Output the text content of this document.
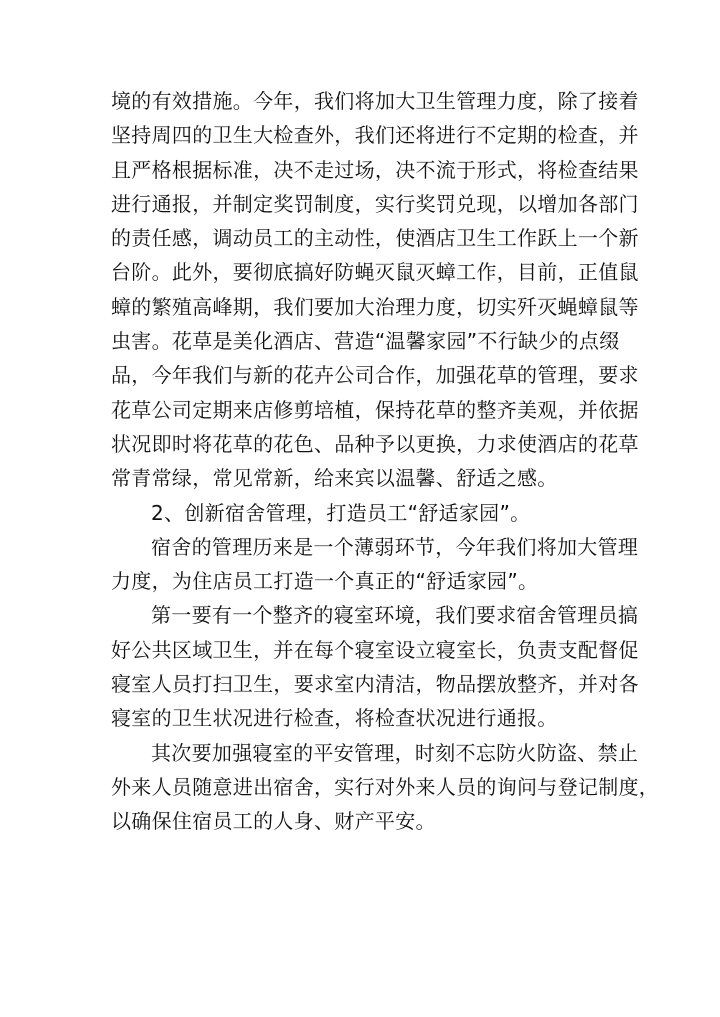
境的有效措施。今年，我们将加大卫生管理力度，除了接着
坚持周四的卫生大检查外，我们还将进行不定期的检查，并
且严格根据标准，决不走过场，决不流于形式，将检查结果
进行通报，并制定奖罚制度，实行奖罚兑现，以增加各部门
的责任感，调动员工的主动性，使酒店卫生工作跃上一个新
台阶。此外，要彻底搞好防蝇灭鼠灭蟑工作，目前，正值鼠
蟑的繁殖高峰期，我们要加大治理力度，切实歼灭蝇蟑鼠等
虫害。花草是美化酒店、营造“温馨家园”不行缺少的点缀
品，今年我们与新的花卉公司合作，加强花草的管理，要求
花草公司定期来店修剪培植，保持花草的整齐美观，并依据
状况即时将花草的花色、品种予以更换，力求使酒店的花草
常青常绿，常见常新，给来宾以温馨、舒适之感。
2、创新宿舍管理，打造员工“舒适家园”。
宿舍的管理历来是一个薄弱环节，今年我们将加大管理
力度，为住店员工打造一个真正的“舒适家园”。
第一要有一个整齐的寝室环境，我们要求宿舍管理员搞
好公共区域卫生，并在每个寝室设立寝室长，负责支配督促
寝室人员打扫卫生，要求室内清洁，物品摆放整齐，并对各
寝室的卫生状况进行检查，将检查状况进行通报。
其次要加强寝室的平安管理，时刻不忘防火防盗、禁止
外来人员随意进出宿舍，实行对外来人员的询问与登记制度，
以确保住宿员工的人身、财产平安。
